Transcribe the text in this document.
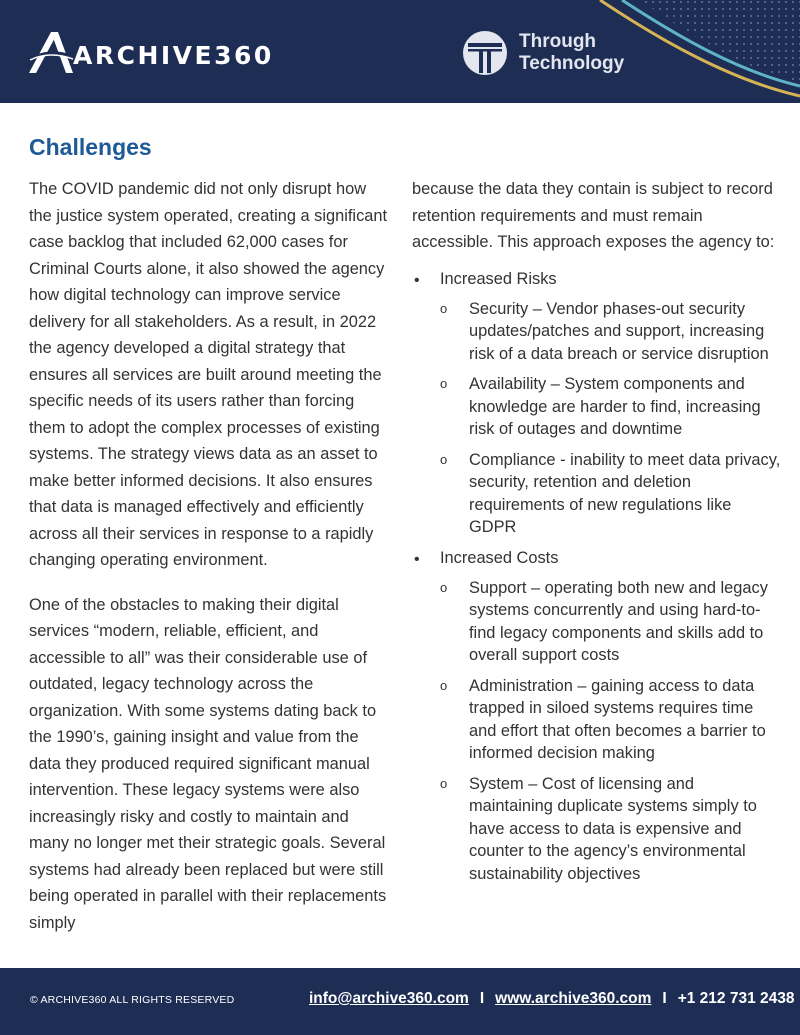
ARCHIVE360	Through
Technology
Challenges

The COVID pandemic did not only disrupt how the justice system operated, creating a significant case backlog that included 62,000 cases for Criminal Courts alone, it also showed the agency how digital technology can improve service delivery for all stakeholders. As a result, in 2022 the agency developed a digital strategy that ensures all services are built around meeting the specific needs of its users rather than forcing them to adopt the complex processes of existing systems. The strategy views data as an asset to make better informed decisions. It also ensures that data is managed effectively and efficiently across all their services in response to a rapidly changing operating environment.

One of the obstacles to making their digital services “modern, reliable, efficient, and accessible to all” was their considerable use of outdated, legacy technology across the organization. With some systems dating back to the 1990’s, gaining insight and value from the data they produced required significant manual intervention. These legacy systems were also increasingly risky and costly to maintain and many no longer met their strategic goals. Several systems had already been replaced but were still being operated in parallel with their replacements simply

because the data they contain is subject to record retention requirements and must remain accessible. This approach exposes the agency to:

• Increased Risks
o Security – Vendor phases-out security updates/patches and support, increasing risk of a data breach or service disruption
o Availability – System components and knowledge are harder to find, increasing risk of outages and downtime
o Compliance - inability to meet data privacy, security, retention and deletion requirements of new regulations like GDPR
• Increased Costs
o Support – operating both new and legacy systems concurrently and using hard-to-find legacy components and skills add to overall support costs
o Administration – gaining access to data trapped in siloed systems requires time and effort that often becomes a barrier to informed decision making
o System – Cost of licensing and maintaining duplicate systems simply to have access to data is expensive and counter to the agency’s environmental sustainability objectives
© ARCHIVE360 ALL RIGHTS RESERVED	info@archive360.com I www.archive360.com I +1 212 731 2438
